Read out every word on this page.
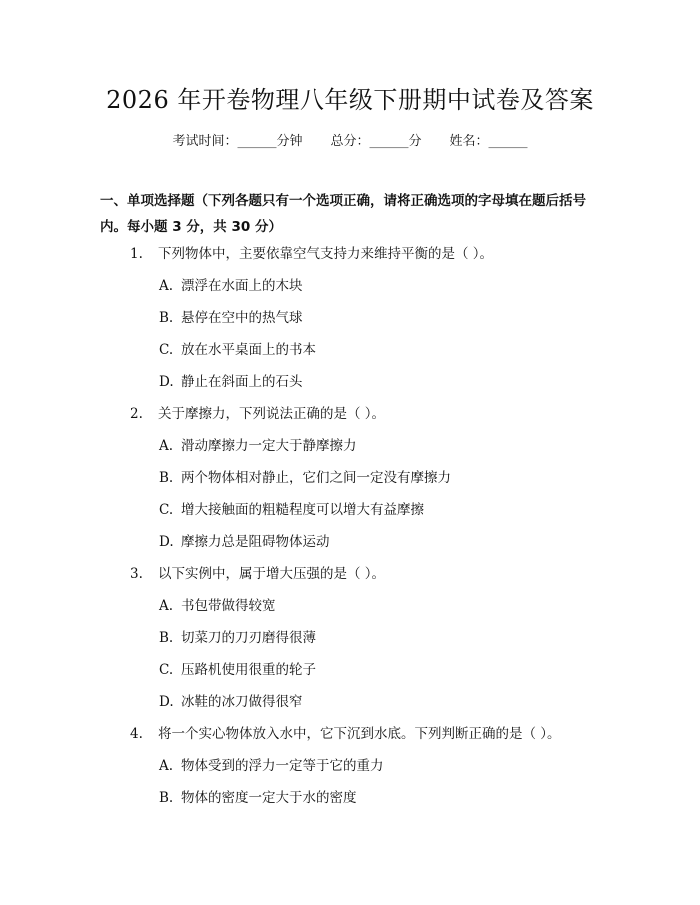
2026 年开卷物理八年级下册期中试卷及答案
考试时间：______分钟 总分：______分 姓名：______
一、单项选择题（下列各题只有一个选项正确，请将正确选项的字母填在题后括号内。每小题 3 分，共 30 分）
1. 下列物体中，主要依靠空气支持力来维持平衡的是（ ）。
A. 漂浮在水面上的木块
B. 悬停在空中的热气球
C. 放在水平桌面上的书本
D. 静止在斜面上的石头
2. 关于摩擦力，下列说法正确的是（ ）。
A. 滑动摩擦力一定大于静摩擦力
B. 两个物体相对静止，它们之间一定没有摩擦力
C. 增大接触面的粗糙程度可以增大有益摩擦
D. 摩擦力总是阻碍物体运动
3. 以下实例中，属于增大压强的是（ ）。
A. 书包带做得较宽
B. 切菜刀的刀刃磨得很薄
C. 压路机使用很重的轮子
D. 冰鞋的冰刀做得很窄
4. 将一个实心物体放入水中，它下沉到水底。下列判断正确的是（ ）。
A. 物体受到的浮力一定等于它的重力
B. 物体的密度一定大于水的密度
